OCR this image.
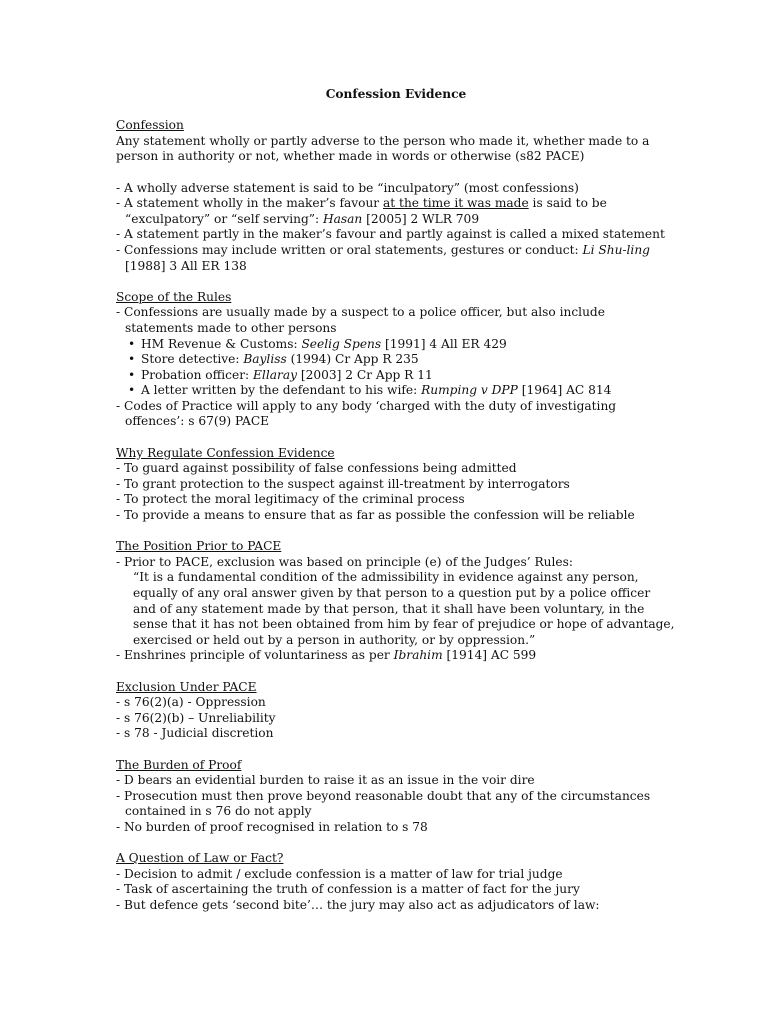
Confession Evidence
Confession
Any statement wholly or partly adverse to the person who made it, whether made to a person in authority or not, whether made in words or otherwise (s82 PACE)
- A wholly adverse statement is said to be “inculpatory” (most confessions)
- A statement wholly in the maker’s favour at the time it was made is said to be “exculpatory” or “self serving”: Hasan [2005] 2 WLR 709
- A statement partly in the maker’s favour and partly against is called a mixed statement
- Confessions may include written or oral statements, gestures or conduct: Li Shu-ling [1988] 3 All ER 138
Scope of the Rules
- Confessions are usually made by a suspect to a police officer, but also include statements made to other persons
• HM Revenue & Customs: Seelig Spens [1991] 4 All ER 429
• Store detective: Bayliss (1994) Cr App R 235
• Probation officer: Ellaray [2003] 2 Cr App R 11
• A letter written by the defendant to his wife: Rumping v DPP [1964] AC 814
- Codes of Practice will apply to any body ‘charged with the duty of investigating offences’: s 67(9) PACE
Why Regulate Confession Evidence
- To guard against possibility of false confessions being admitted
- To grant protection to the suspect against ill-treatment by interrogators
- To protect the moral legitimacy of the criminal process
- To provide a means to ensure that as far as possible the confession will be reliable
The Position Prior to PACE
- Prior to PACE, exclusion was based on principle (e) of the Judges’ Rules:
“It is a fundamental condition of the admissibility in evidence against any person, equally of any oral answer given by that person to a question put by a police officer and of any statement made by that person, that it shall have been voluntary, in the sense that it has not been obtained from him by fear of prejudice or hope of advantage, exercised or held out by a person in authority, or by oppression.”
- Enshrines principle of voluntariness as per Ibrahim [1914] AC 599
Exclusion Under PACE
- s 76(2)(a) - Oppression
- s 76(2)(b) – Unreliability
- s 78 - Judicial discretion
The Burden of Proof
- D bears an evidential burden to raise it as an issue in the voir dire
- Prosecution must then prove beyond reasonable doubt that any of the circumstances contained in s 76 do not apply
- No burden of proof recognised in relation to s 78
A Question of Law or Fact?
- Decision to admit / exclude confession is a matter of law for trial judge
- Task of ascertaining the truth of confession is a matter of fact for the jury
- But defence gets ‘second bite’… the jury may also act as adjudicators of law:
